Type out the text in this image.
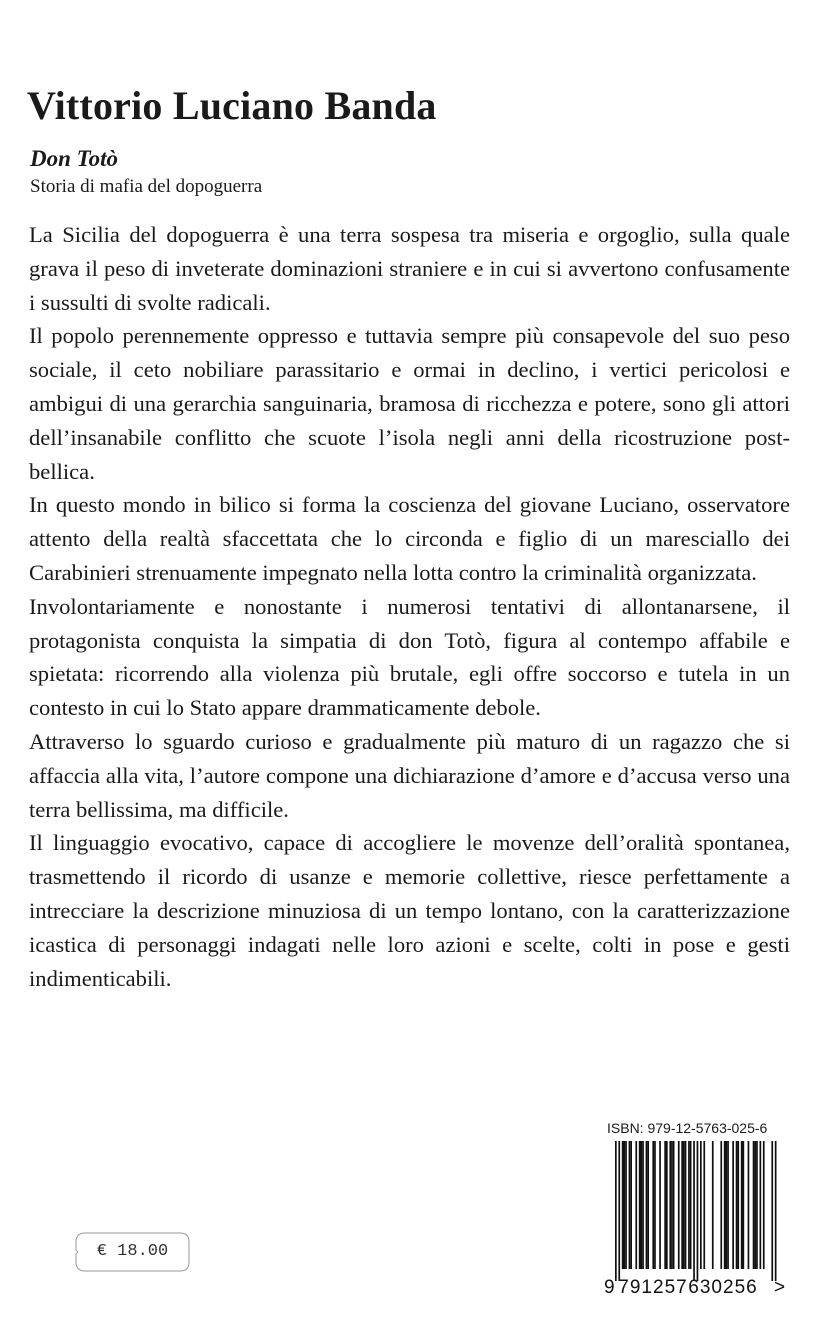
Vittorio Luciano Banda
Don Totò
Storia di mafia del dopoguerra

La Sicilia del dopoguerra è una terra sospesa tra miseria e orgoglio, sulla quale grava il peso di inveterate dominazioni straniere e in cui si avvertono confusamente i sussulti di svolte radicali.

Il popolo perennemente oppresso e tuttavia sempre più consapevole del suo peso sociale, il ceto nobiliare parassitario e ormai in declino, i vertici pericolosi e ambigui di una gerarchia sanguinaria, bramosa di ricchezza e potere, sono gli attori dell’insanabile conflitto che scuote l’isola negli anni della ricostruzione post-bellica.

In questo mondo in bilico si forma la coscienza del giovane Luciano, osservatore attento della realtà sfaccettata che lo circonda e figlio di un maresciallo dei Carabinieri strenuamente impegnato nella lotta contro la criminalità organizzata.

Involontariamente e nonostante i numerosi tentativi di allontanarsene, il protagonista conquista la simpatia di don Totò, figura al contempo affabile e spietata: ricorrendo alla violenza più brutale, egli offre soccorso e tutela in un contesto in cui lo Stato appare drammaticamente debole.

Attraverso lo sguardo curioso e gradualmente più maturo di un ragazzo che si affaccia alla vita, l’autore compone una dichiarazione d’amore e d’accusa verso una terra bellissima, ma difficile.

Il linguaggio evocativo, capace di accogliere le movenze dell’oralità spontanea, trasmettendo il ricordo di usanze e memorie collettive, riesce perfettamente a intrecciare la descrizione minuziosa di un tempo lontano, con la caratterizzazione icastica di personaggi indagati nelle loro azioni e scelte, colti in pose e gesti indimenticabili.

ISBN: 979-12-5763-025-6
9 791257 630256 >
€ 18.00
